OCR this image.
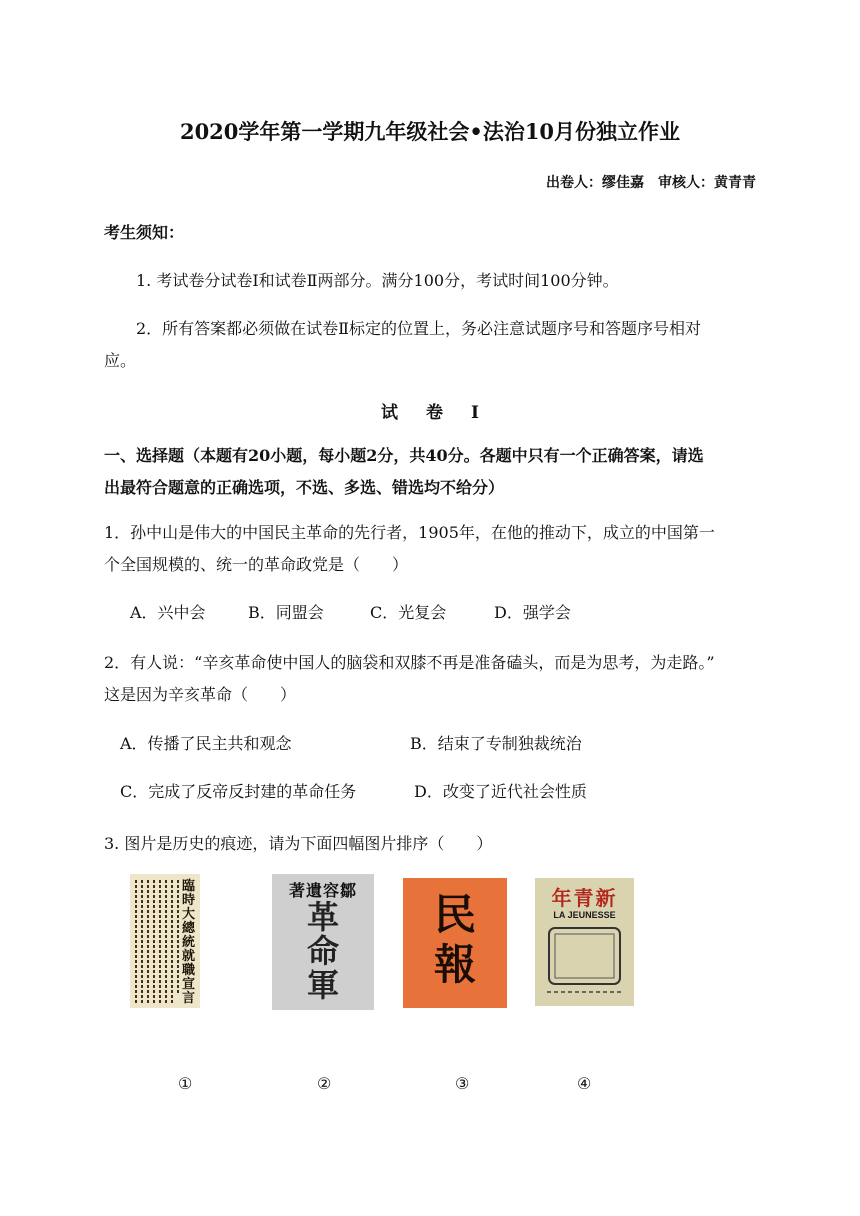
2020学年第一学期九年级社会•法治10月份独立作业
出卷人：缪佳嘉　审核人：黄青青
考生须知：
1. 考试卷分试卷Ⅰ和试卷Ⅱ两部分。满分100分，考试时间100分钟。
2．所有答案都必须做在试卷Ⅱ标定的位置上，务必注意试题序号和答题序号相对
应。
试 卷 Ⅰ
一、选择题（本题有20小题，每小题2分，共40分。各题中只有一个正确答案，请选
出最符合题意的正确选项，不选、多选、错选均不给分）
1．孙中山是伟大的中国民主革命的先行者，1905年，在他的推动下，成立的中国第一
个全国规模的、统一的革命政党是（　　）
A．兴中会	B．同盟会	C．光复会	D．强学会
2．有人说：“辛亥革命使中国人的脑袋和双膝不再是准备磕头，而是为思考，为走路。”
这是因为辛亥革命（　　）
A．传播了民主共和观念	B．结束了专制独裁统治
C．完成了反帝反封建的革命任务	D．改变了近代社会性质
3. 图片是历史的痕迹，请为下面四幅图片排序（　　）
臨時大總統就職宣言
著遺容鄒
革
命
軍
民
報
年青新
LA JEUNESSE
①	②	③	④
